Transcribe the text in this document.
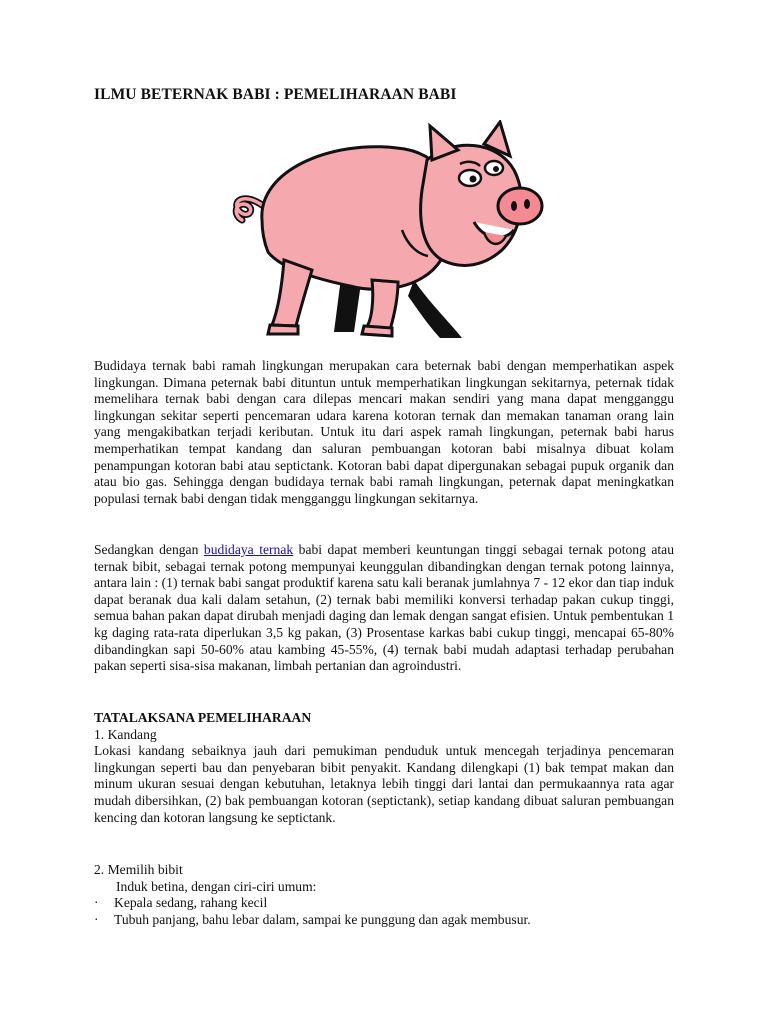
ILMU BETERNAK BABI : PEMELIHARAAN BABI

Budidaya ternak babi ramah lingkungan merupakan cara beternak babi dengan memperhatikan aspek lingkungan. Dimana peternak babi dituntun untuk memperhatikan lingkungan sekitarnya, peternak tidak memelihara ternak babi dengan cara dilepas mencari makan sendiri yang mana dapat mengganggu lingkungan sekitar seperti pencemaran udara karena kotoran ternak dan memakan tanaman orang lain yang mengakibatkan terjadi keributan. Untuk itu dari aspek ramah lingkungan, peternak babi harus memperhatikan tempat kandang dan saluran pembuangan kotoran babi misalnya dibuat kolam penampungan kotoran babi atau septictank. Kotoran babi dapat dipergunakan sebagai pupuk organik dan atau bio gas. Sehingga dengan budidaya ternak babi ramah lingkungan, peternak dapat meningkatkan populasi ternak babi dengan tidak mengganggu lingkungan sekitarnya.

Sedangkan dengan budidaya ternak babi dapat memberi keuntungan tinggi sebagai ternak potong atau ternak bibit, sebagai ternak potong mempunyai keunggulan dibandingkan dengan ternak potong lainnya, antara lain : (1) ternak babi sangat produktif karena satu kali beranak jumlahnya 7 - 12 ekor dan tiap induk dapat beranak dua kali dalam setahun, (2) ternak babi memiliki konversi terhadap pakan cukup tinggi, semua bahan pakan dapat dirubah menjadi daging dan lemak dengan sangat efisien. Untuk pembentukan 1 kg daging rata-rata diperlukan 3,5 kg pakan, (3) Prosentase karkas babi cukup tinggi, mencapai 65-80% dibandingkan sapi 50-60% atau kambing 45-55%, (4) ternak babi mudah adaptasi terhadap perubahan pakan seperti sisa-sisa makanan, limbah pertanian dan agroindustri.

TATALAKSANA PEMELIHARAAN
1. Kandang
Lokasi kandang sebaiknya jauh dari pemukiman penduduk untuk mencegah terjadinya pencemaran lingkungan seperti bau dan penyebaran bibit penyakit. Kandang dilengkapi (1) bak tempat makan dan minum ukuran sesuai dengan kebutuhan, letaknya lebih tinggi dari lantai dan permukaannya rata agar mudah dibersihkan, (2) bak pembuangan kotoran (septictank), setiap kandang dibuat saluran pembuangan kencing dan kotoran langsung ke septictank.
2. Memilih bibit
Induk betina, dengan ciri-ciri umum:
· Kepala sedang, rahang kecil
· Tubuh panjang, bahu lebar dalam, sampai ke punggung dan agak membusur.
